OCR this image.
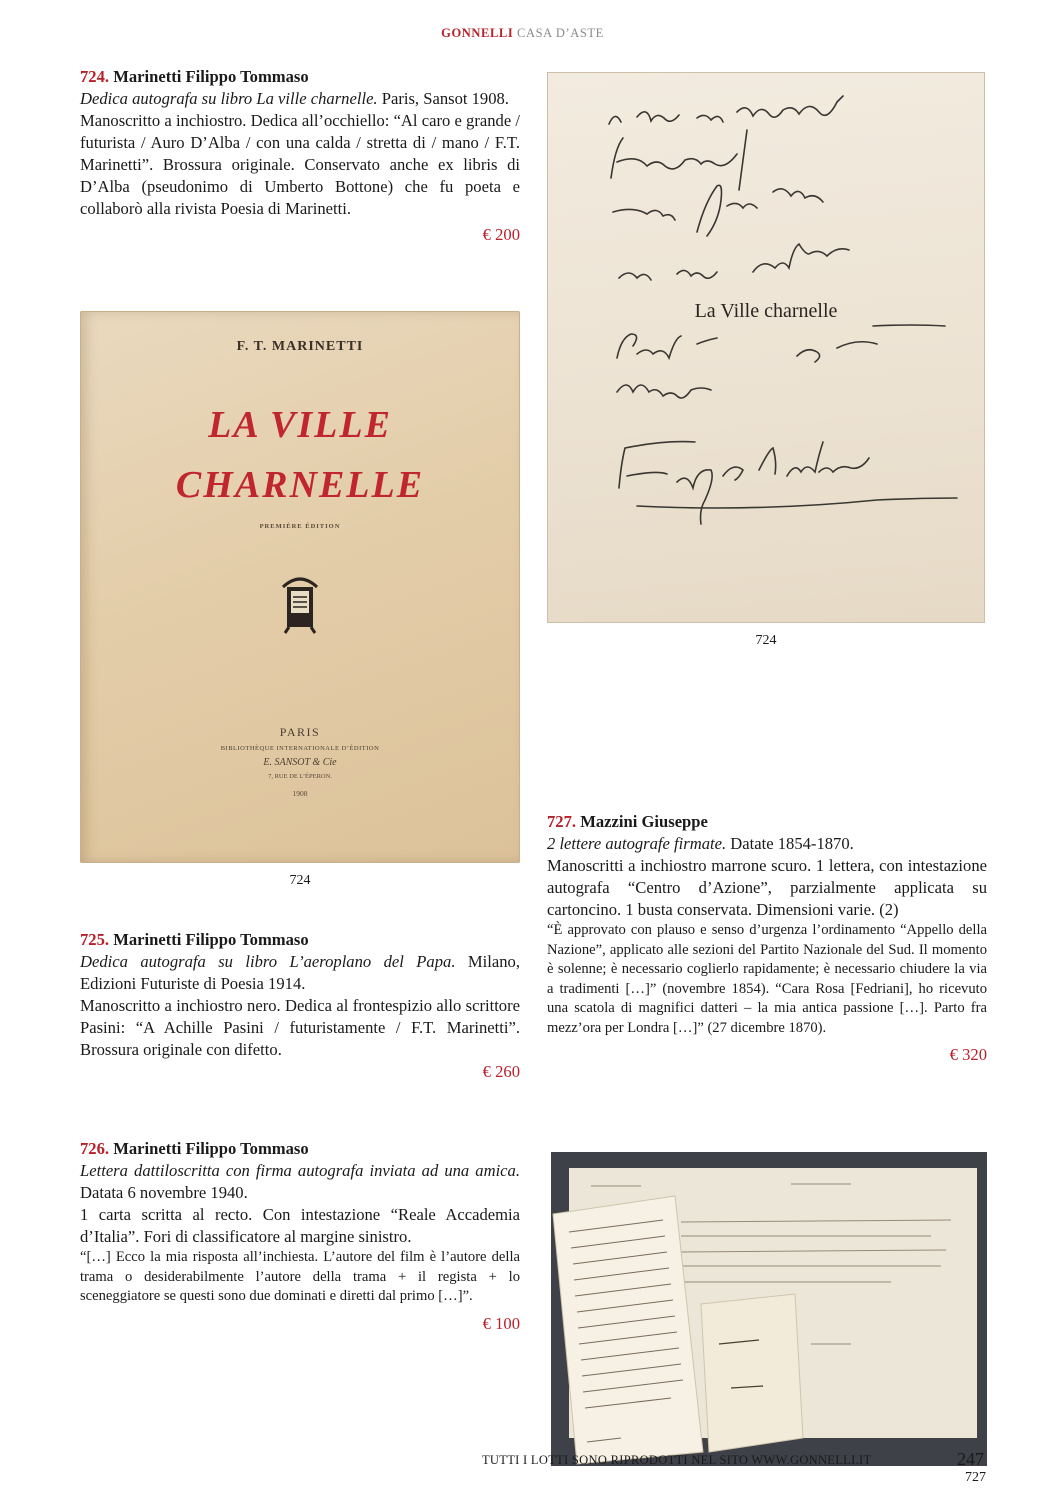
GONNELLI CASA D’ASTE

724. Marinetti Filippo Tommaso

Dedica autografa su libro La ville charnelle. Paris, Sansot 1908.

Manoscritto a inchiostro. Dedica all’occhiello: “Al caro e grande / futurista / Auro D’Alba / con una calda / stretta di / mano / F.T. Marinetti”. Brossura originale. Conservato anche ex libris di D’Alba (pseudonimo di Umberto Bottone) che fu poeta e collaborò alla rivista Poesia di Marinetti.

€ 200

F. T. MARINETTI
LA VILLE
CHARNELLE
PREMIÈRE ÉDITION
PARIS
BIBLIOTHÈQUE INTERNATIONALE D’ÉDITION
E. SANSOT & Cie
7, RUE DE L’ÉPERON.
1908
724
La Ville charnelle
724

725. Marinetti Filippo Tommaso

Dedica autografa su libro L’aeroplano del Papa. Milano, Edizioni Futuriste di Poesia 1914.

Manoscritto a inchiostro nero. Dedica al frontespizio allo scrittore Pasini: “A Achille Pasini / futuristamente / F.T. Marinetti”. Brossura originale con difetto.

€ 260

726. Marinetti Filippo Tommaso

Lettera dattiloscritta con firma autografa inviata ad una amica. Datata 6 novembre 1940.

1 carta scritta al recto. Con intestazione “Reale Accademia d’Italia”. Fori di classificatore al margine sinistro.

“[…] Ecco la mia risposta all’inchiesta. L’autore del film è l’autore della trama o desiderabilmente l’autore della trama + il regista + lo sceneggiatore se questi sono due dominati e diretti dal primo […]”.

€ 100

727. Mazzini Giuseppe

2 lettere autografe firmate. Datate 1854-1870.

Manoscritti a inchiostro marrone scuro. 1 lettera, con intestazione autografa “Centro d’Azione”, parzialmente applicata su cartoncino. 1 busta conservata. Dimensioni varie. (2)

“È approvato con plauso e senso d’urgenza l’ordinamento “Appello della Nazione”, applicato alle sezioni del Partito Nazionale del Sud. Il momento è solenne; è necessario coglierlo rapidamente; è necessario chiudere la via a tradimenti […]” (novembre 1854). “Cara Rosa [Fedriani], ho ricevuto una scatola di magnifici datteri – la mia antica passione […]. Parto fra mezz’ora per Londra […]” (27 dicembre 1870).

€ 320

727
TUTTI I LOTTI SONO RIPRODOTTI NEL SITO WWW.GONNELLI.IT	247
